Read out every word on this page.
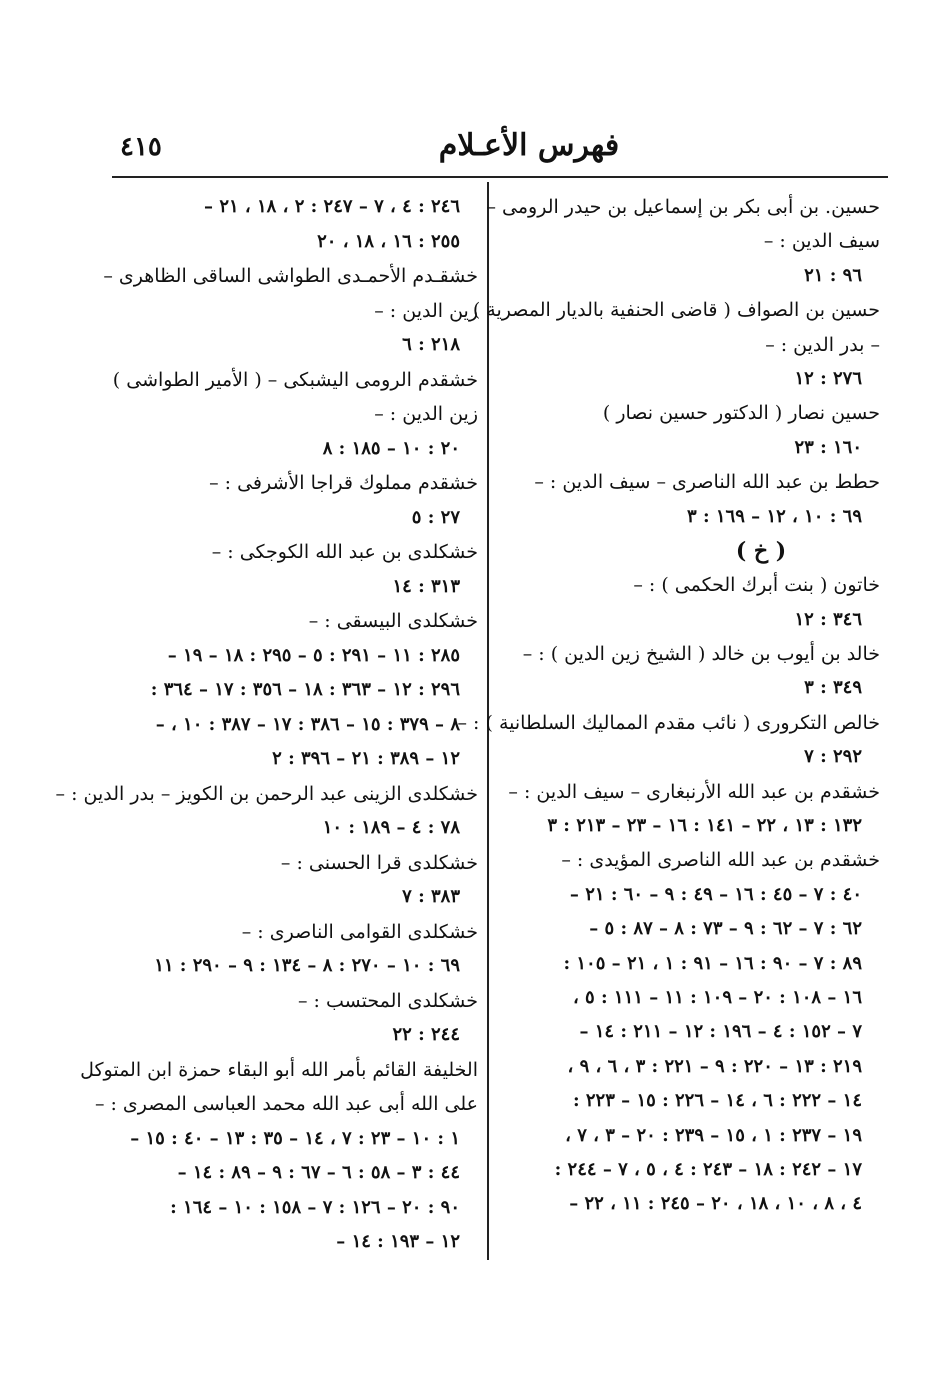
٤١٥	فهرس الأعـلام
حسين. بن أبى بكر بن إسماعيل بن حيدر الرومى –
سيف الدين : –
٩٦ : ٢١
حسين بن الصواف ( قاضى الحنفية بالديار المصرية )
– بدر الدين : –
٢٧٦ : ١٢
حسين نصار ( الدكتور حسين نصار )
١٦٠ : ٢٣
حطط بن عبد الله الناصرى – سيف الدين : –
٦٩ : ١٠ ، ١٢ – ١٦٩ : ٣
( خ )
خاتون ( بنت أبرك الحكمى ) : –
٣٤٦ : ١٢
خالد بن أيوب بن خالد ( الشيخ زين الدين ) : –
٣٤٩ : ٣
خالص التكرورى ( نائب مقدم المماليك السلطانية ) : –
٢٩٢ : ٧
خشقدم بن عبد الله الأرنبغارى – سيف الدين : –
١٣٢ : ١٣ ، ٢٢ – ١٤١ : ١٦ – ٢٣ – ٢١٣ : ٣
خشقدم بن عبد الله الناصرى المؤيدى : –
٤٠ : ٧ – ٤٥ : ١٦ – ٤٩ : ٩ – ٦٠ : ٢١ –
٦٢ : ٧ – ٦٢ : ٩ – ٧٣ : ٨ – ٨٧ : ٥ –
٨٩ : ٧ – ٩٠ : ١٦ – ٩١ : ١ ، ٢١ – ١٠٥ :
١٦ – ١٠٨ : ٢٠ – ١٠٩ : ١١ – ١١١ : ٥ ،
٧ – ١٥٢ : ٤ – ١٩٦ : ١٢ – ٢١١ : ١٤ –
٢١٩ : ١٣ – ٢٢٠ : ٩ – ٢٢١ : ٣ ، ٦ ، ٩ ،
١٤ – ٢٢٢ : ٦ ، ١٤ – ٢٢٦ : ١٥ – ٢٢٣ :
١٩ – ٢٣٧ : ١ ، ١٥ – ٢٣٩ : ٢٠ – ٣ ، ٧ ،
١٧ – ٢٤٢ : ١٨ – ٢٤٣ : ٤ ، ٥ ، ٧ – ٢٤٤ :
٤ ، ٨ ، ١٠ ، ١٨ ، ٢٠ – ٢٤٥ : ١١ ، ٢٢ –
٢٤٦ : ٤ ، ٧ – ٢٤٧ : ٢ ، ١٨ ، ٢١ –
٢٥٥ : ١٦ ، ١٨ ، ٢٠
خشقـدم الأحمـدى الطواشى الساقى الظاهرى –
زين الدين : –
٢١٨ : ٦
خشقدم الرومى اليشبكى – ( الأمير الطواشى )
زين الدين : –
٢٠ : ١٠ – ١٨٥ : ٨
خشقدم مملوك قراجا الأشرفى : –
٢٧ : ٥
خشكلدى بن عبد الله الكوجكى : –
٣١٣ : ١٤
خشكلدى البيسقى : –
٢٨٥ : ١١ – ٢٩١ : ٥ – ٢٩٥ : ١٨ – ١٩ –
٢٩٦ : ١٢ – ٣٦٣ : ١٨ – ٣٥٦ : ١٧ – ٣٦٤ :
٨ – ٣٧٩ : ١٥ – ٣٨٦ : ١٧ – ٣٨٧ : ١٠ ، –
١٢ – ٣٨٩ : ٢١ – ٣٩٦ : ٢
خشكلدى الزينى عبد الرحمن بن الكويز – بدر الدين : –
٧٨ : ٤ – ١٨٩ : ١٠
خشكلدى قرا الحسنى : –
٣٨٣ : ٧
خشكلدى القوامى الناصرى : –
٦٩ : ١٠ – ٢٧٠ : ٨ – ١٣٤ : ٩ – ٢٩٠ : ١١
خشكلدى المحتسب : –
٢٤٤ : ٢٢
الخليفة القائم بأمر الله أبو البقاء حمزة ابن المتوكل
على الله أبى عبد الله محمد العباسى المصرى : –
١ : ١٠ – ٢٣ : ٧ ، ١٤ – ٣٥ : ١٣ – ٤٠ : ١٥ –
٤٤ : ٣ – ٥٨ : ٦ – ٦٧ : ٩ – ٨٩ : ١٤ –
٩٠ : ٢٠ – ١٢٦ : ٧ – ١٥٨ : ١٠ – ١٦٤ :
١٢ – ١٩٣ : ١٤ –
